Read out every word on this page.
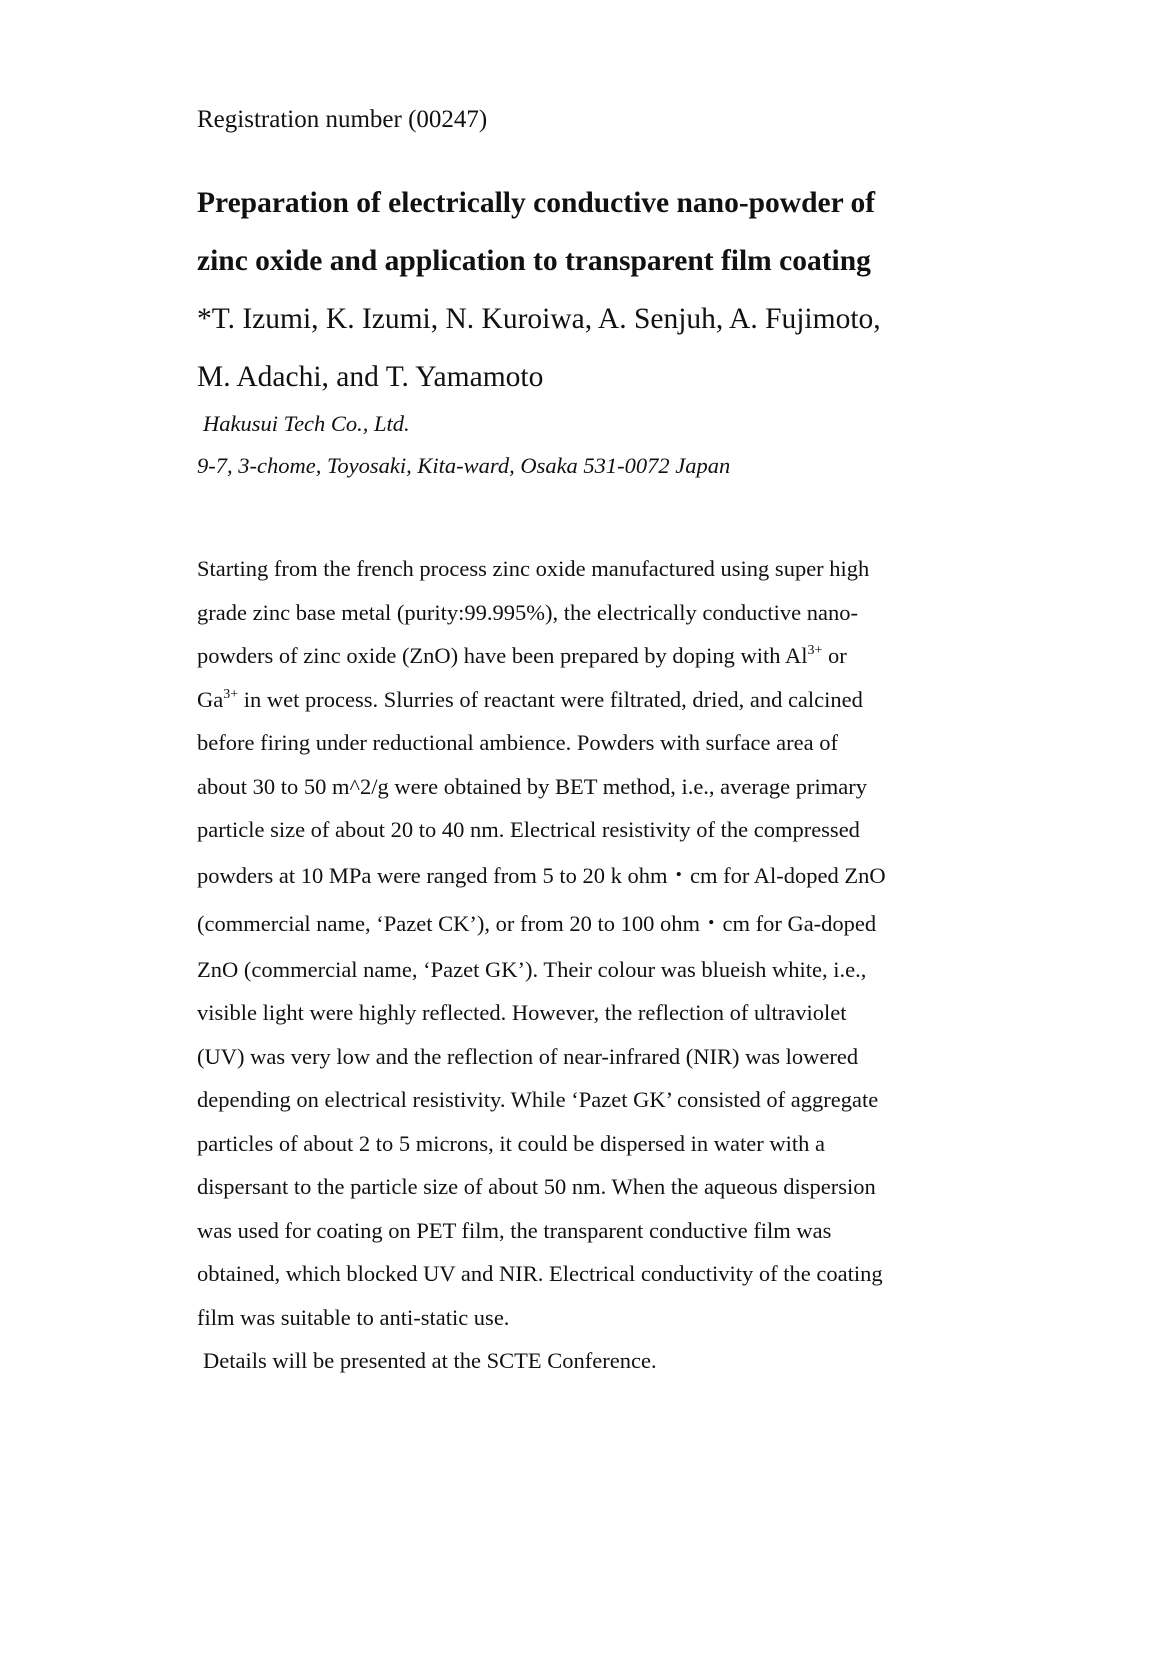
Registration number (00247)
Preparation of electrically conductive nano-powder of
zinc oxide and application to transparent film coating
*T. Izumi, K. Izumi, N. Kuroiwa, A. Senjuh, A. Fujimoto,
M. Adachi, and T. Yamamoto
Hakusui Tech Co., Ltd.
9-7, 3-chome, Toyosaki, Kita-ward, Osaka 531-0072 Japan
Starting from the french process zinc oxide manufactured using super high
grade zinc base metal (purity:99.995%), the electrically conductive nano-
powders of zinc oxide (ZnO) have been prepared by doping with $Al^{3+}$ or
$Ga^{3+}$ in wet process. Slurries of reactant were filtrated, dried, and calcined
before firing under reductional ambience. Powders with surface area of
about 30 to 50 m^2/g were obtained by BET method, i.e., average primary
particle size of about 20 to 40 nm. Electrical resistivity of the compressed
powders at 10 MPa were ranged from 5 to 20 k ohm・cm for Al-doped ZnO
(commercial name, ‘Pazet CK’), or from 20 to 100 ohm・cm for Ga-doped
ZnO (commercial name, ‘Pazet GK’). Their colour was blueish white, i.e.,
visible light were highly reflected. However, the reflection of ultraviolet
(UV) was very low and the reflection of near-infrared (NIR) was lowered
depending on electrical resistivity. While ‘Pazet GK’ consisted of aggregate
particles of about 2 to 5 microns, it could be dispersed in water with a
dispersant to the particle size of about 50 nm. When the aqueous dispersion
was used for coating on PET film, the transparent conductive film was
obtained, which blocked UV and NIR. Electrical conductivity of the coating
film was suitable to anti-static use.
Details will be presented at the SCTE Conference.
